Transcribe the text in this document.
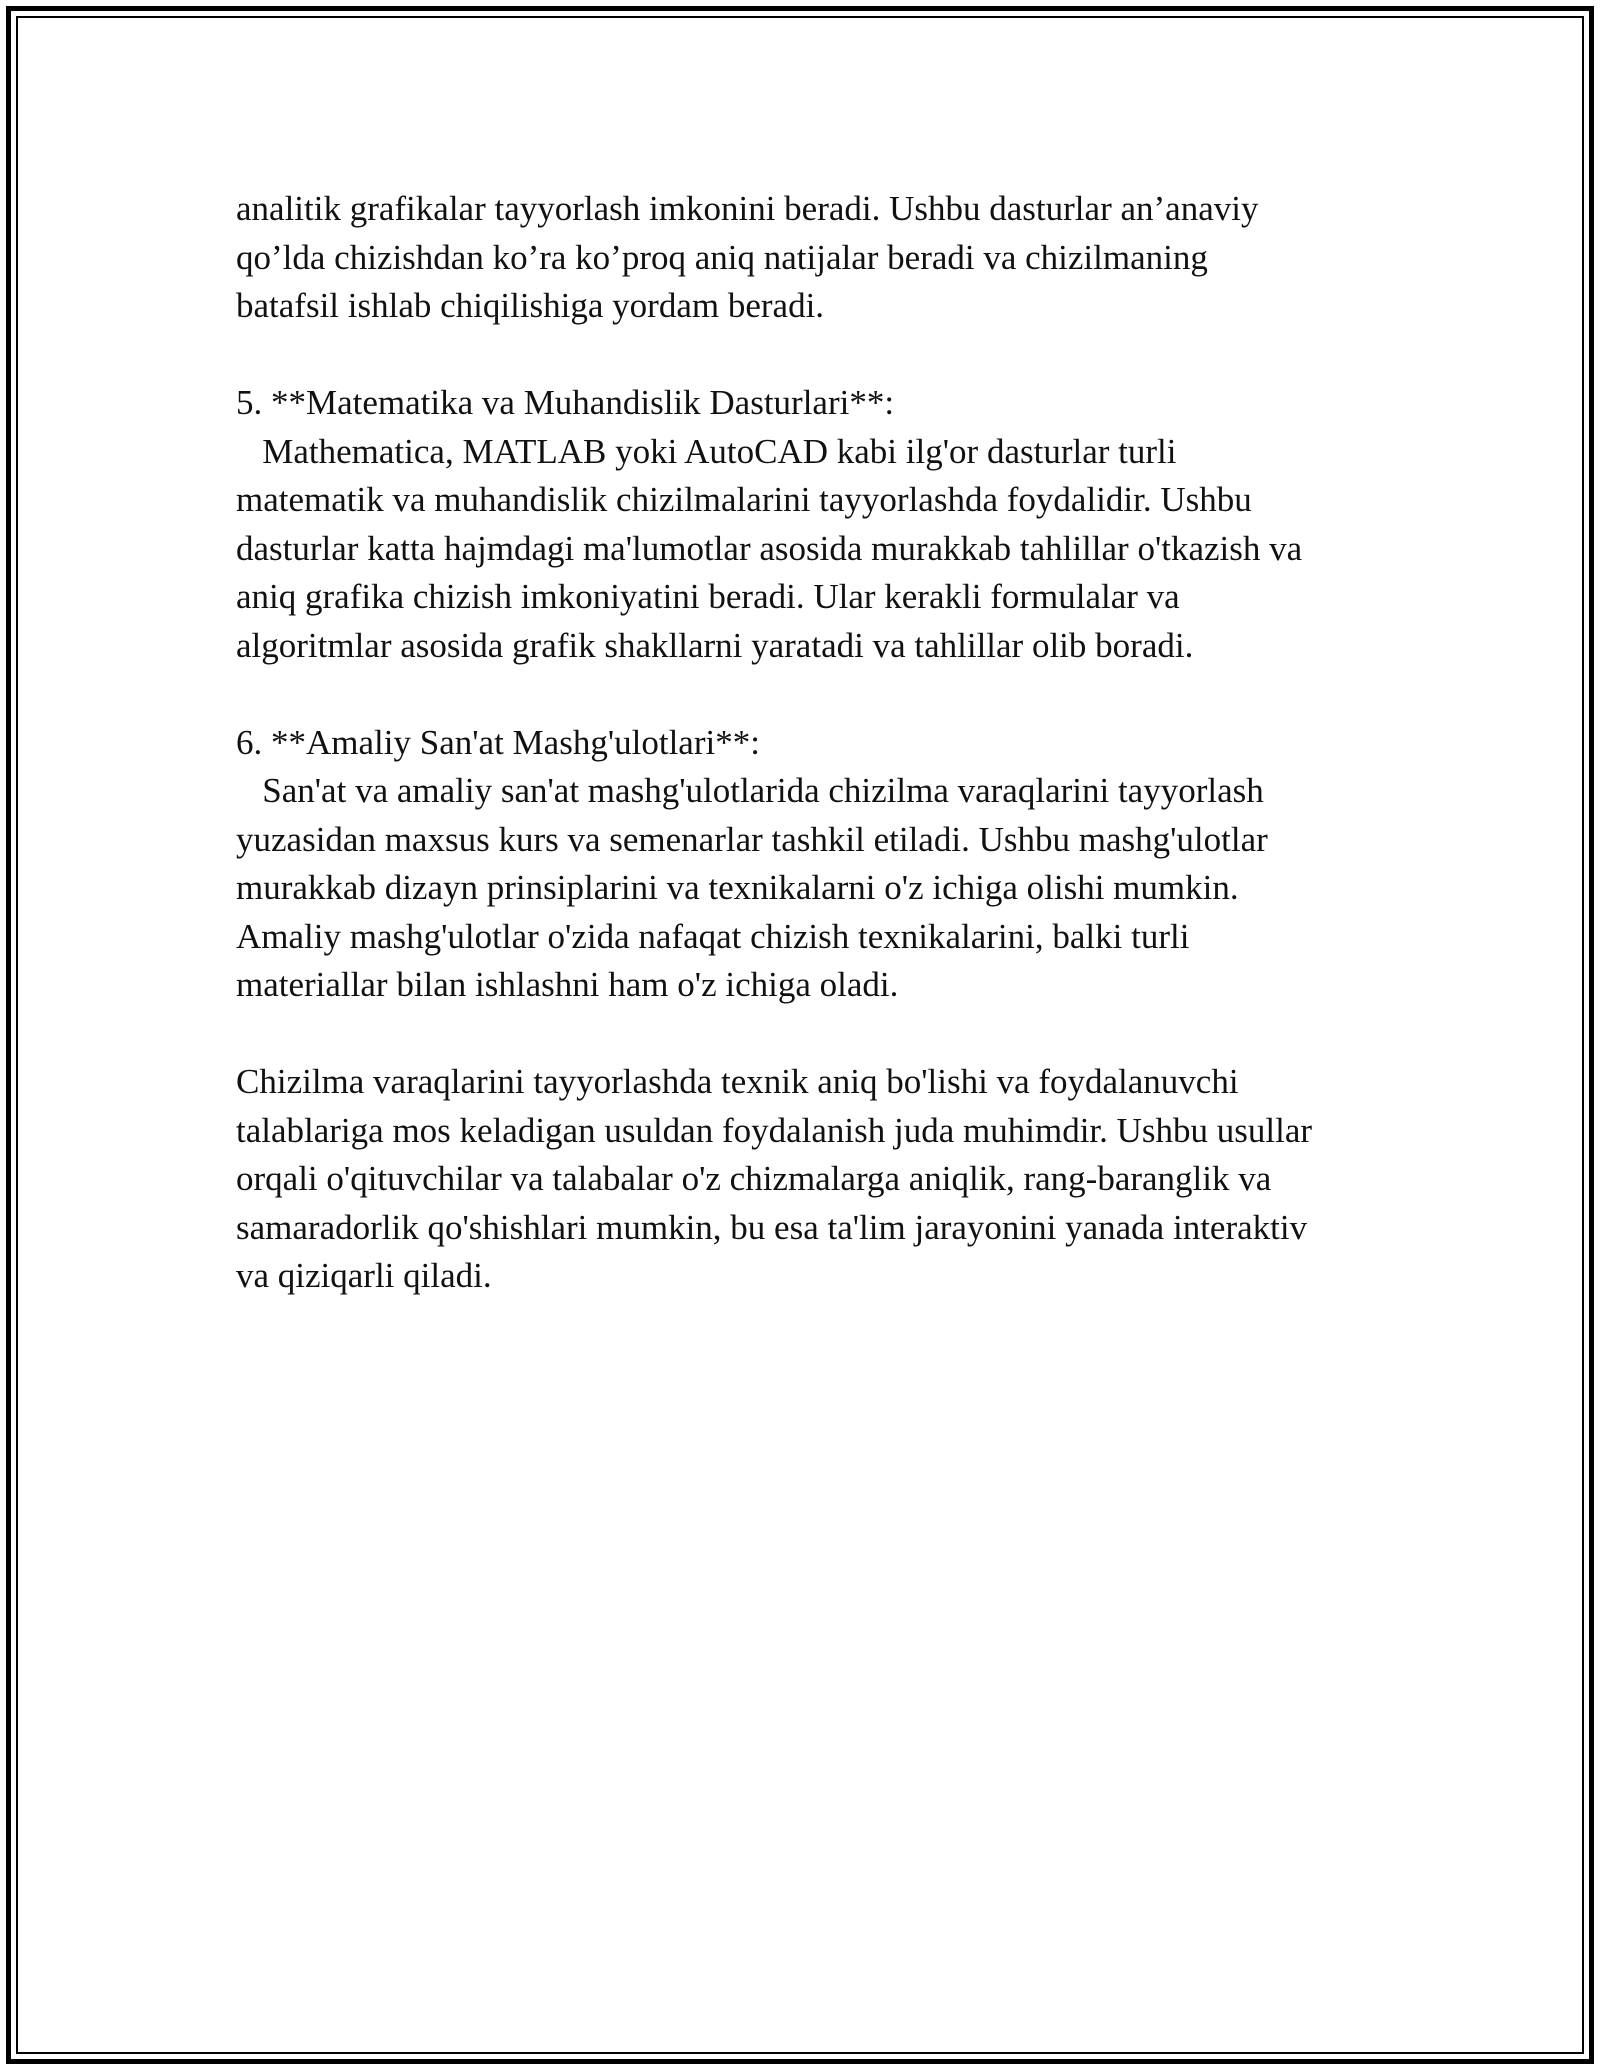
analitik grafikalar tayyorlash imkonini beradi. Ushbu dasturlar an’anaviy
qo’lda chizishdan ko’ra ko’proq aniq natijalar beradi va chizilmaning
batafsil ishlab chiqilishiga yordam beradi.
5. **Matematika va Muhandislik Dasturlari**:
Mathematica, MATLAB yoki AutoCAD kabi ilg'or dasturlar turli
matematik va muhandislik chizilmalarini tayyorlashda foydalidir. Ushbu
dasturlar katta hajmdagi ma'lumotlar asosida murakkab tahlillar o'tkazish va
aniq grafika chizish imkoniyatini beradi. Ular kerakli formulalar va
algoritmlar asosida grafik shakllarni yaratadi va tahlillar olib boradi.
6. **Amaliy San'at Mashg'ulotlari**:
San'at va amaliy san'at mashg'ulotlarida chizilma varaqlarini tayyorlash
yuzasidan maxsus kurs va semenarlar tashkil etiladi. Ushbu mashg'ulotlar
murakkab dizayn prinsiplarini va texnikalarni o'z ichiga olishi mumkin.
Amaliy mashg'ulotlar o'zida nafaqat chizish texnikalarini, balki turli
materiallar bilan ishlashni ham o'z ichiga oladi.
Chizilma varaqlarini tayyorlashda texnik aniq bo'lishi va foydalanuvchi
talablariga mos keladigan usuldan foydalanish juda muhimdir. Ushbu usullar
orqali o'qituvchilar va talabalar o'z chizmalarga aniqlik, rang-baranglik va
samaradorlik qo'shishlari mumkin, bu esa ta'lim jarayonini yanada interaktiv
va qiziqarli qiladi.
